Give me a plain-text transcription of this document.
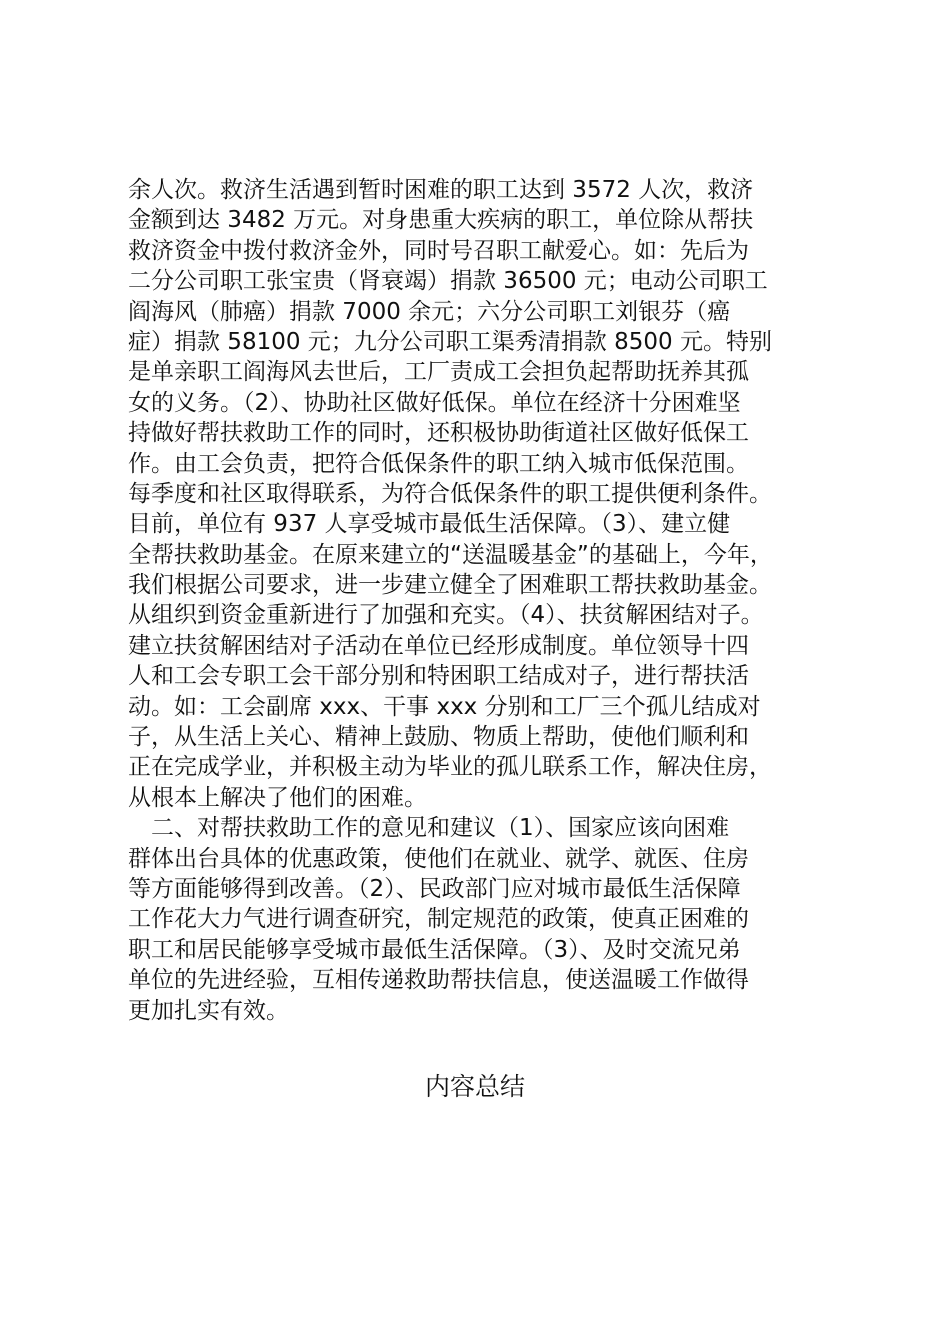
余人次。救济生活遇到暂时困难的职工达到 3572 人次，救济
金额到达 3482 万元。对身患重大疾病的职工，单位除从帮扶
救济资金中拨付救济金外，同时号召职工献爱心。如：先后为
二分公司职工张宝贵（肾衰竭）捐款 36500 元；电动公司职工
阎海风（肺癌）捐款 7000 余元；六分公司职工刘银芬（癌
症）捐款 58100 元；九分公司职工渠秀清捐款 8500 元。特别
是单亲职工阎海风去世后，工厂责成工会担负起帮助抚养其孤
女的义务。（2）、协助社区做好低保。单位在经济十分困难坚
持做好帮扶救助工作的同时，还积极协助街道社区做好低保工
作。由工会负责，把符合低保条件的职工纳入城市低保范围。
每季度和社区取得联系，为符合低保条件的职工提供便利条件。
目前，单位有 937 人享受城市最低生活保障。（3）、建立健
全帮扶救助基金。在原来建立的“送温暖基金”的基础上，今年，
我们根据公司要求，进一步建立健全了困难职工帮扶救助基金。
从组织到资金重新进行了加强和充实。（4）、扶贫解困结对子。
建立扶贫解困结对子活动在单位已经形成制度。单位领导十四
人和工会专职工会干部分别和特困职工结成对子，进行帮扶活
动。如：工会副席 xxx、干事 xxx 分别和工厂三个孤儿结成对
子，从生活上关心、精神上鼓励、物质上帮助，使他们顺利和
正在完成学业，并积极主动为毕业的孤儿联系工作，解决住房，
从根本上解决了他们的困难。
　二、对帮扶救助工作的意见和建议（1）、国家应该向困难
群体出台具体的优惠政策，使他们在就业、就学、就医、住房
等方面能够得到改善。（2）、民政部门应对城市最低生活保障
工作花大力气进行调查研究，制定规范的政策，使真正困难的
职工和居民能够享受城市最低生活保障。（3）、及时交流兄弟
单位的先进经验，互相传递救助帮扶信息，使送温暖工作做得
更加扎实有效。
内容总结
